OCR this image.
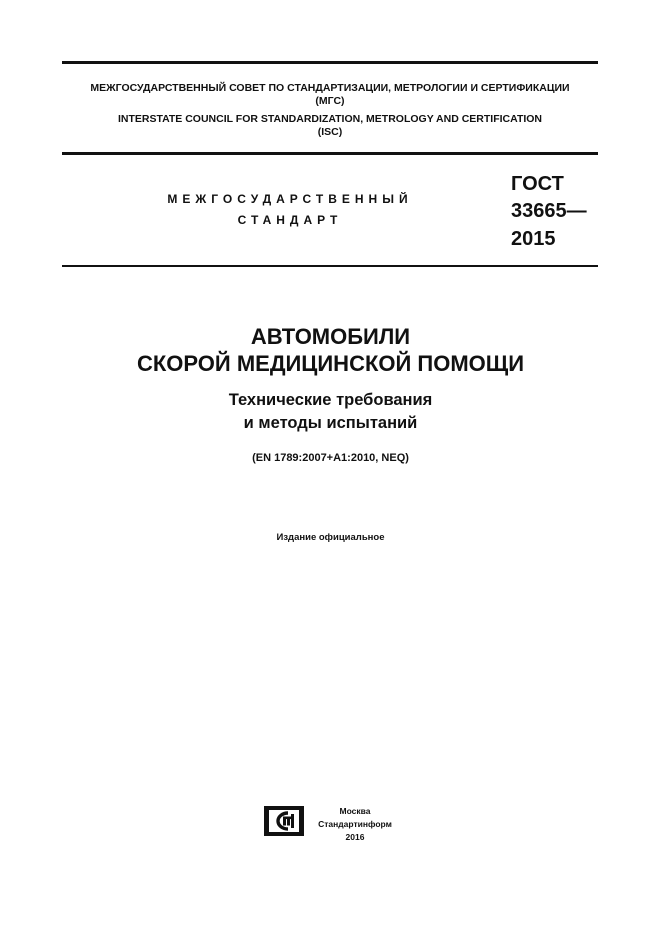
МЕЖГОСУДАРСТВЕННЫЙ СОВЕТ ПО СТАНДАРТИЗАЦИИ, МЕТРОЛОГИИ И СЕРТИФИКАЦИИ
(МГС)
INTERSTATE COUNCIL FOR STANDARDIZATION, METROLOGY AND CERTIFICATION
(ISC)
МЕЖГОСУДАРСТВЕННЫЙ
СТАНДАРТ
ГОСТ
33665—
2015
АВТОМОБИЛИ
СКОРОЙ МЕДИЦИНСКОЙ ПОМОЩИ
Технические требования
и методы испытаний
(EN 1789:2007+A1:2010, NEQ)
Издание официальное
Москва
Стандартинформ
2016
